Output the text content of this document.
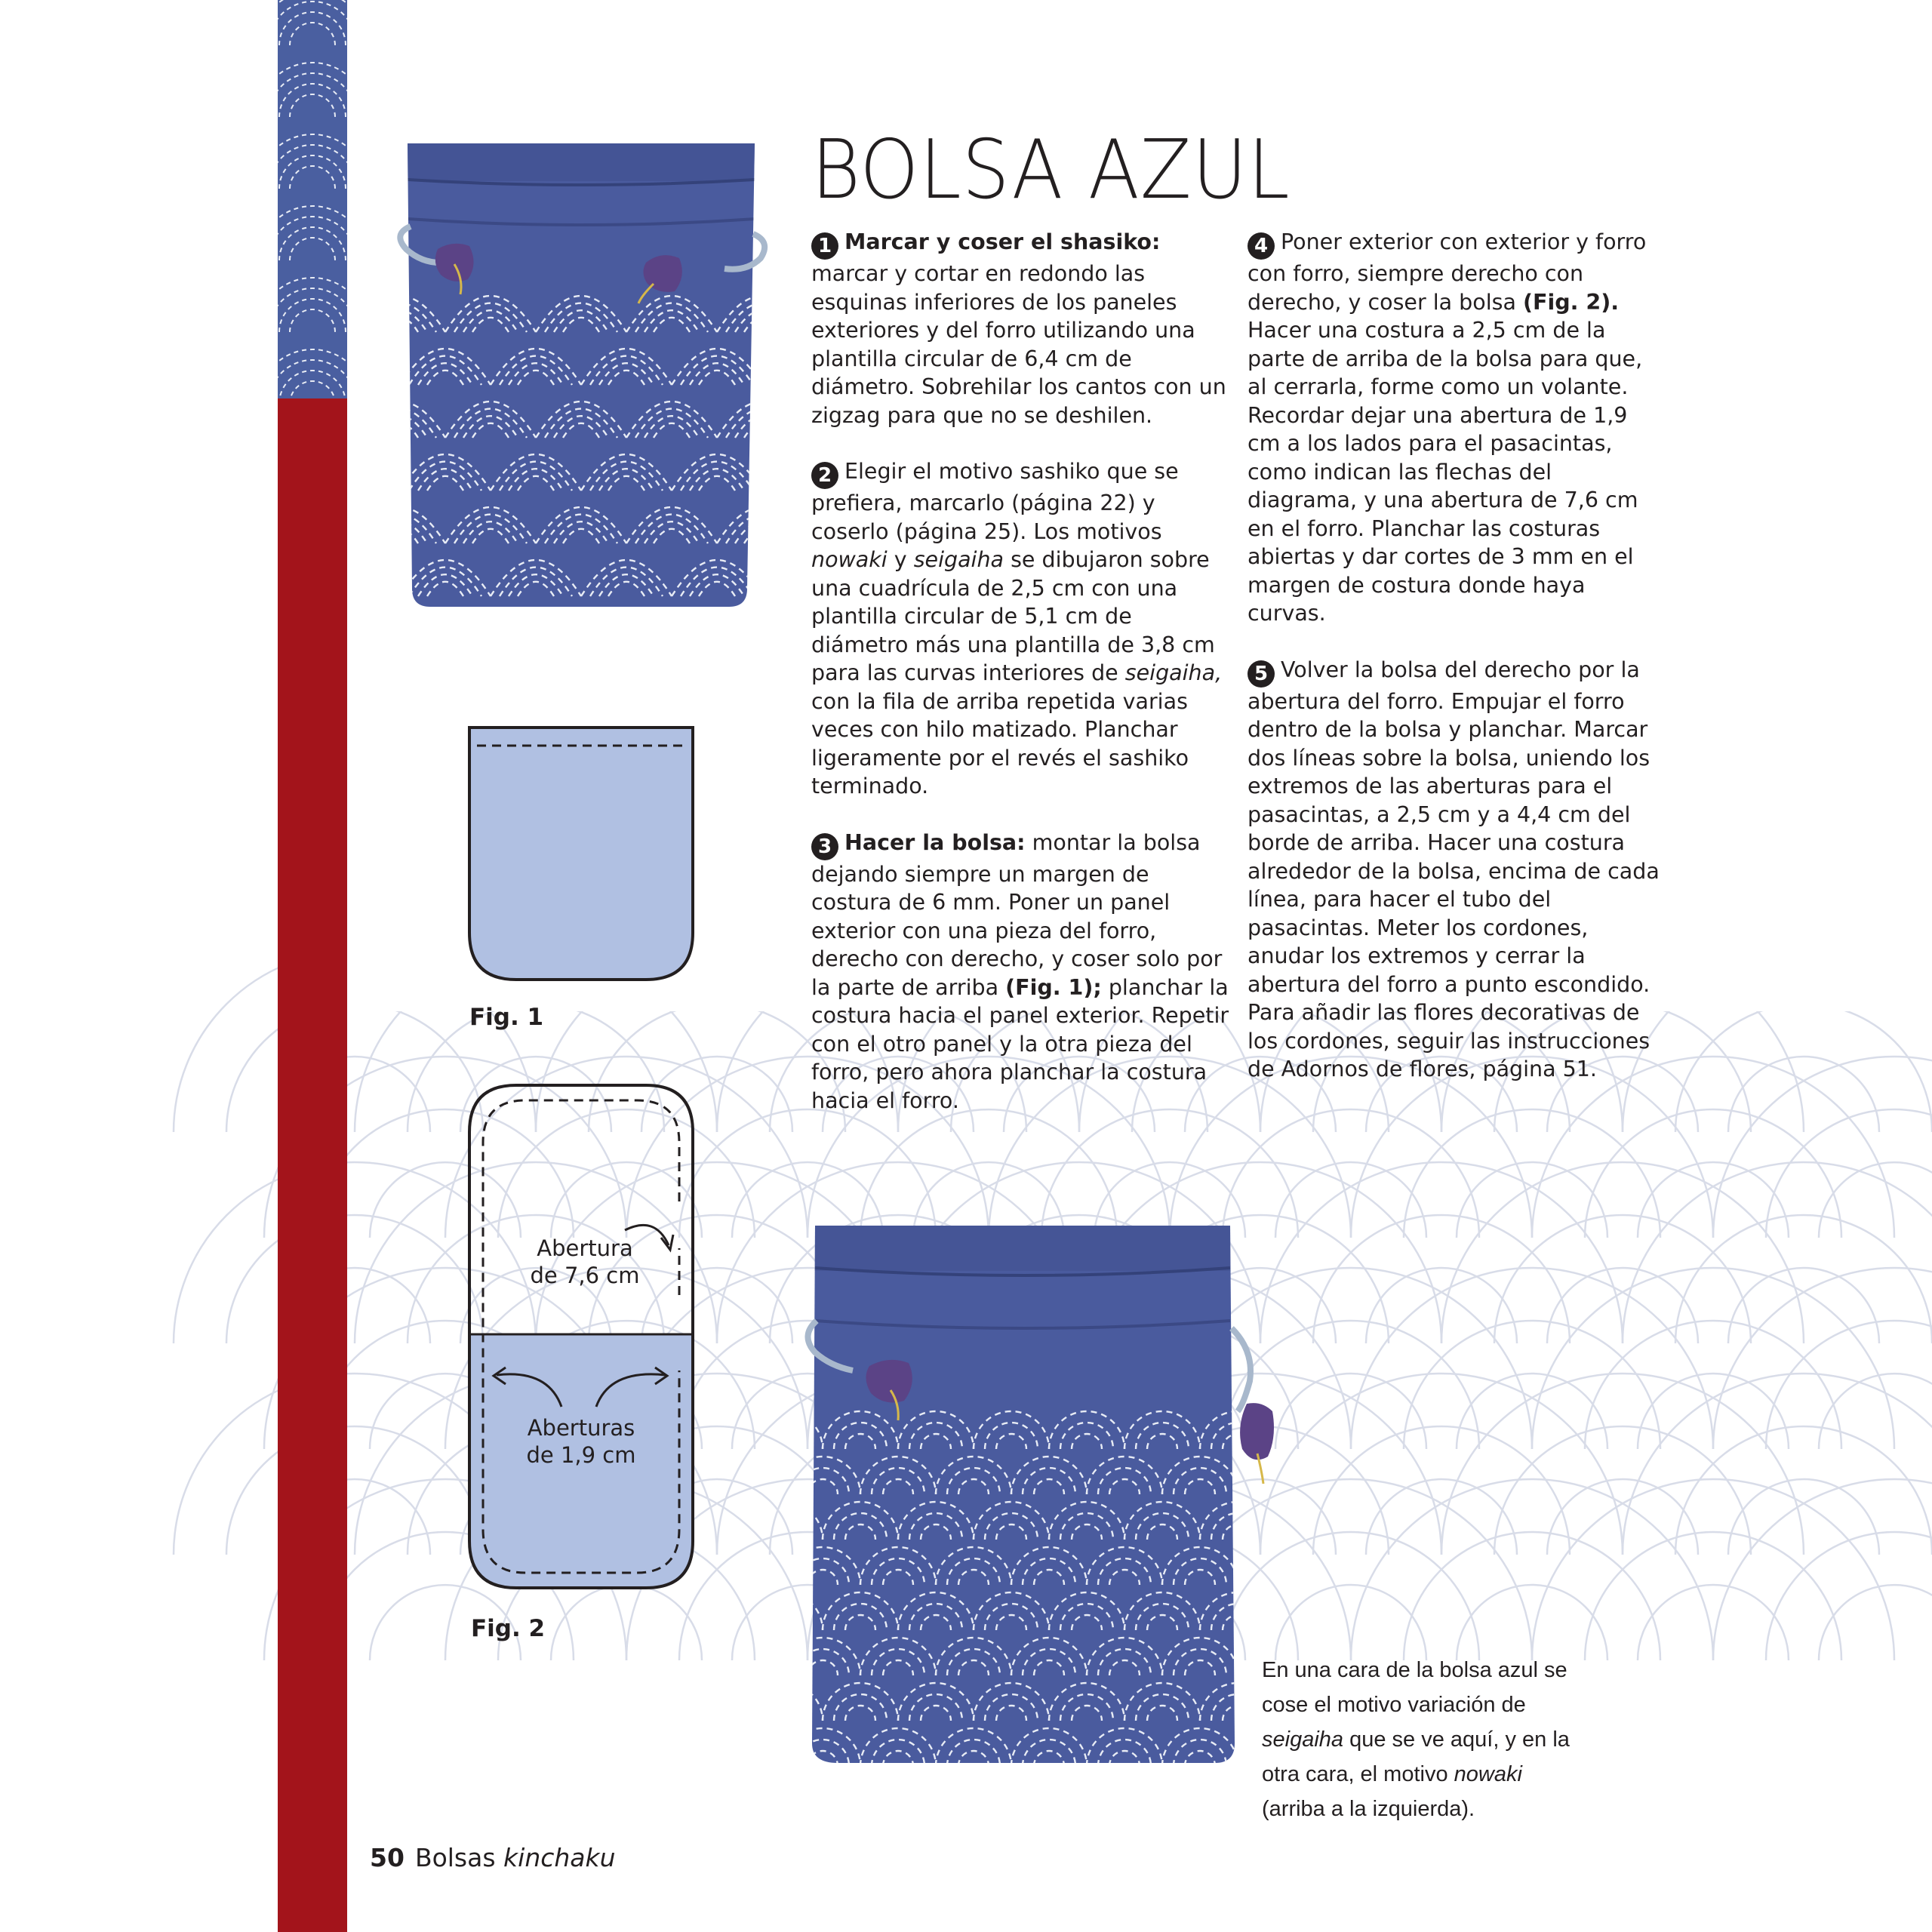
BOLSA AZUL

1 Marcar y coser el shasiko: marcar y cortar en redondo las esquinas inferiores de los paneles exteriores y del forro utilizando una plantilla circular de 6,4 cm de diámetro. Sobrehilar los cantos con un zigzag para que no se deshilen.

2 Elegir el motivo sashiko que se prefiera, marcarlo (página 22) y coserlo (página 25). Los motivos nowaki y seigaiha se dibujaron sobre una cuadrícula de 2,5 cm con una plantilla circular de 5,1 cm de diámetro más una plantilla de 3,8 cm para las curvas interiores de seigaiha, con la fila de arriba repetida varias veces con hilo matizado. Planchar ligeramente por el revés el sashiko terminado.

3 Hacer la bolsa: montar la bolsa dejando siempre un margen de costura de 6 mm. Poner un panel exterior con una pieza del forro, derecho con derecho, y coser solo por la parte de arriba (Fig. 1); planchar la costura hacia el panel exterior. Repetir con el otro panel y la otra pieza del forro, pero ahora planchar la costura hacia el forro.

4 Poner exterior con exterior y forro con forro, siempre derecho con derecho, y coser la bolsa (Fig. 2). Hacer una costura a 2,5 cm de la parte de arriba de la bolsa para que, al cerrarla, forme como un volante. Recordar dejar una abertura de 1,9 cm a los lados para el pasacintas, como indican las flechas del diagrama, y una abertura de 7,6 cm en el forro. Planchar las costuras abiertas y dar cortes de 3 mm en el margen de costura donde haya curvas.

5 Volver la bolsa del derecho por la abertura del forro. Empujar el forro dentro de la bolsa y planchar. Marcar dos líneas sobre la bolsa, uniendo los extremos de las aberturas para el pasacintas, a 2,5 cm y a 4,4 cm del borde de arriba. Hacer una costura alrededor de la bolsa, encima de cada línea, para hacer el tubo del pasacintas. Meter los cordones, anudar los extremos y cerrar la abertura del forro a punto escondido. Para añadir las flores decorativas de los cordones, seguir las instrucciones de Adornos de flores, página 51.

Fig. 1
Abertura
de 7,6 cm
Aberturas
de 1,9 cm
Fig. 2
En una cara de la bolsa azul se cose el motivo variación de seigaiha que se ve aquí, y en la otra cara, el motivo nowaki (arriba a la izquierda).
50 Bolsas kinchaku
